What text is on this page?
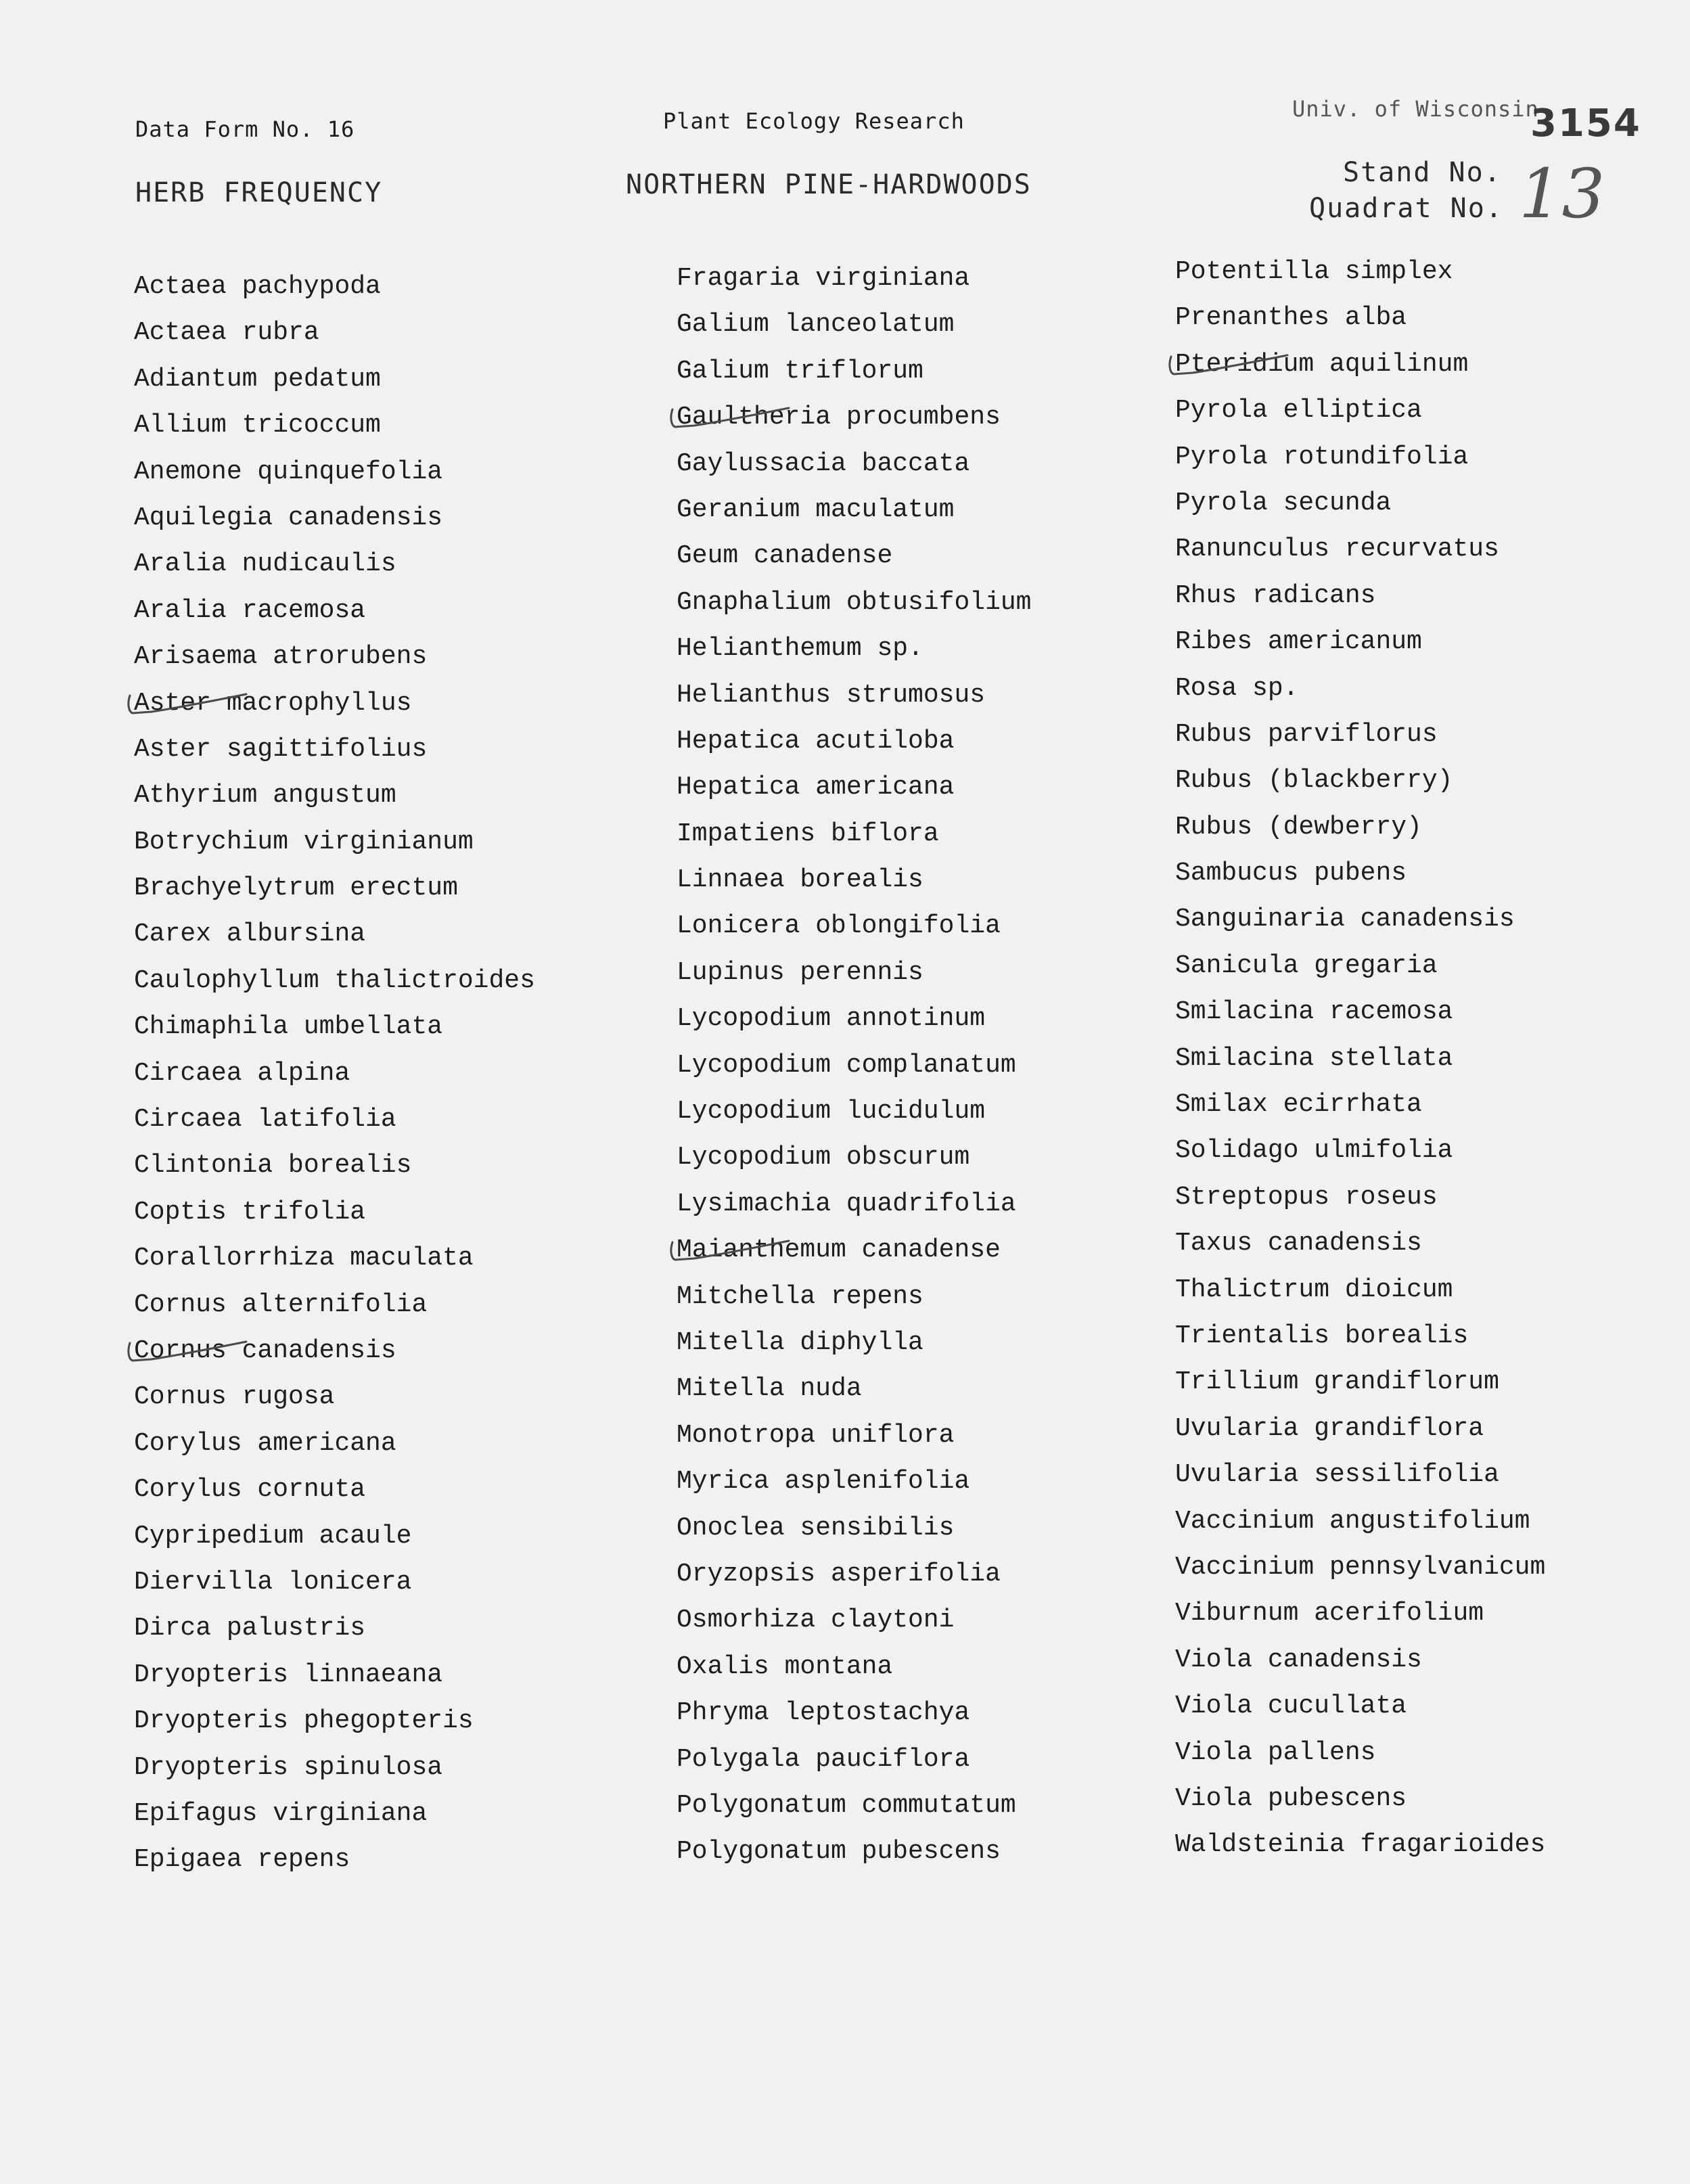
Data Form No. 16	Plant Ecology Research	Univ. of Wisconsin
3154
HERB FREQUENCY	NORTHERN PINE-HARDWOODS	Stand No.
Quadrat No. 13
Actaea pachypoda
Actaea rubra
Adiantum pedatum
Allium tricoccum
Anemone quinquefolia
Aquilegia canadensis
Aralia nudicaulis
Aralia racemosa
Arisaema atrorubens
Aster macrophyllus
Aster sagittifolius
Athyrium angustum
Botrychium virginianum
Brachyelytrum erectum
Carex albursina
Caulophyllum thalictroides
Chimaphila umbellata
Circaea alpina
Circaea latifolia
Clintonia borealis
Coptis trifolia
Corallorrhiza maculata
Cornus alternifolia
Cornus canadensis
Cornus rugosa
Corylus americana
Corylus cornuta
Cypripedium acaule
Diervilla lonicera
Dirca palustris
Dryopteris linnaeana
Dryopteris phegopteris
Dryopteris spinulosa
Epifagus virginiana
Epigaea repens
Fragaria virginiana
Galium lanceolatum
Galium triflorum
Gaultheria procumbens
Gaylussacia baccata
Geranium maculatum
Geum canadense
Gnaphalium obtusifolium
Helianthemum sp.
Helianthus strumosus
Hepatica acutiloba
Hepatica americana
Impatiens biflora
Linnaea borealis
Lonicera oblongifolia
Lupinus perennis
Lycopodium annotinum
Lycopodium complanatum
Lycopodium lucidulum
Lycopodium obscurum
Lysimachia quadrifolia
Maianthemum canadense
Mitchella repens
Mitella diphylla
Mitella nuda
Monotropa uniflora
Myrica asplenifolia
Onoclea sensibilis
Oryzopsis asperifolia
Osmorhiza claytoni
Oxalis montana
Phryma leptostachya
Polygala pauciflora
Polygonatum commutatum
Polygonatum pubescens
Potentilla simplex
Prenanthes alba
Pteridium aquilinum
Pyrola elliptica
Pyrola rotundifolia
Pyrola secunda
Ranunculus recurvatus
Rhus radicans
Ribes americanum
Rosa sp.
Rubus parviflorus
Rubus (blackberry)
Rubus (dewberry)
Sambucus pubens
Sanguinaria canadensis
Sanicula gregaria
Smilacina racemosa
Smilacina stellata
Smilax ecirrhata
Solidago ulmifolia
Streptopus roseus
Taxus canadensis
Thalictrum dioicum
Trientalis borealis
Trillium grandiflorum
Uvularia grandiflora
Uvularia sessilifolia
Vaccinium angustifolium
Vaccinium pennsylvanicum
Viburnum acerifolium
Viola canadensis
Viola cucullata
Viola pallens
Viola pubescens
Waldsteinia fragarioides
